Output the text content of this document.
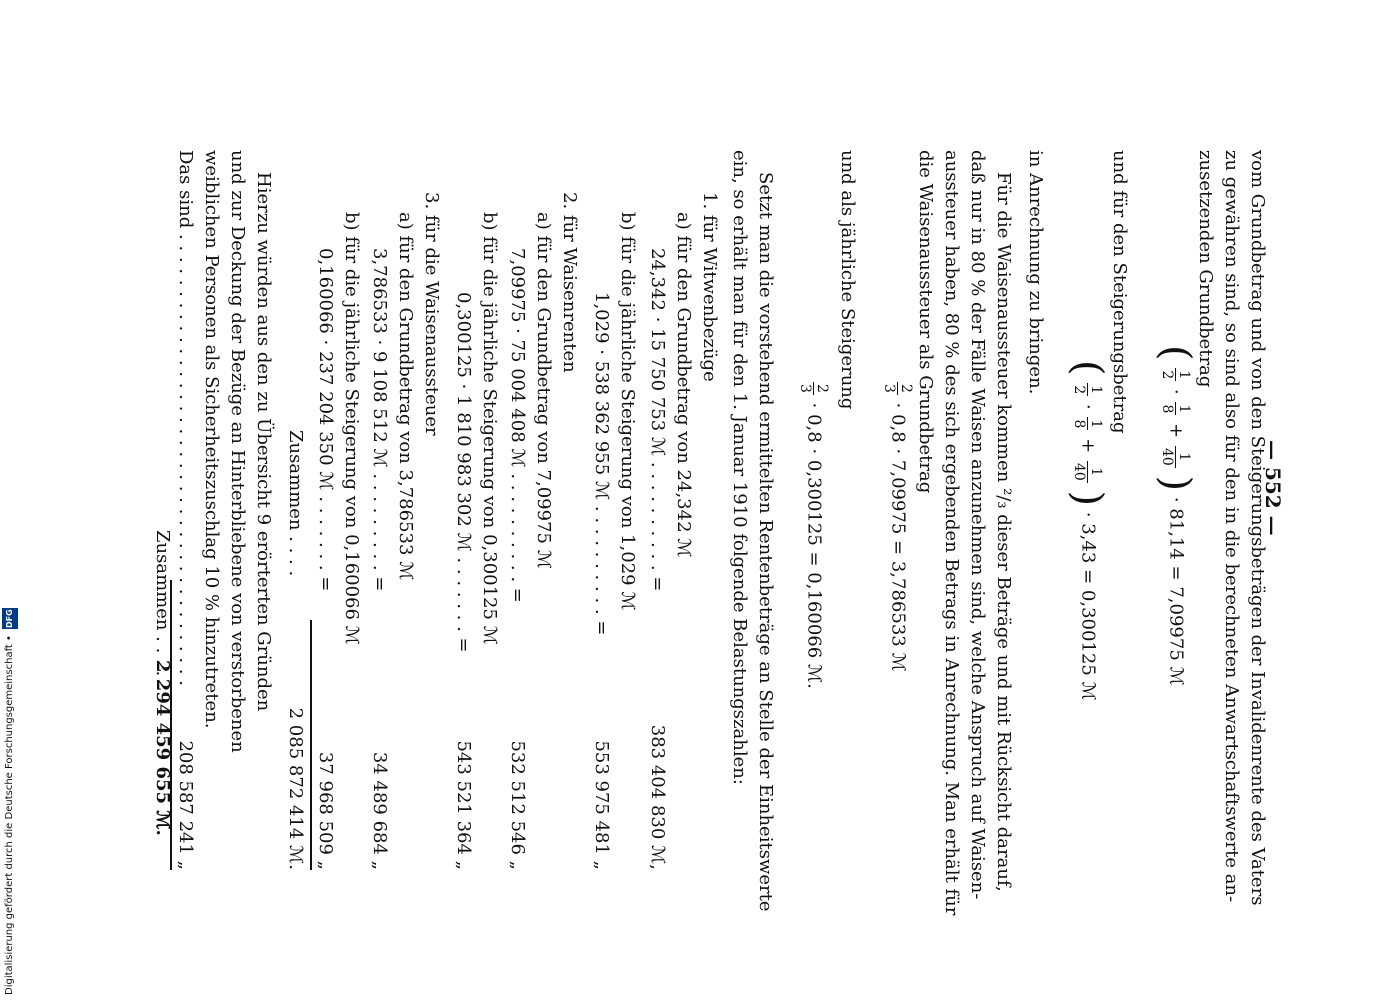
— 552 —
vom Grundbetrag und von den Steigerungsbeträgen der Invalidenrente des Vaters
zu gewähren sind, so sind also für den in die berechneten Anwartschaftswerte an-
zusetzenden Grundbetrag
(
1
2
·
1
8
+
1
40
) · 81,14 = 7,09975 ℳ
und für den Steigerungsbetrag
(
1
2
·
1
8
+
1
40
) · 3,43 = 0,300125 ℳ
in Anrechnung zu bringen.
Für die Waisenaussteuer kommen ²/₃ dieser Beträge und mit Rücksicht darauf,
daß nur in 80 % der Fälle Waisen anzunehmen sind, welche Anspruch auf Waisen-
aussteuer haben, 80 % des sich ergebenden Betrags in Anrechnung. Man erhält für
die Waisenaussteuer als Grundbetrag
2
3
· 0,8 · 7,09975 = 3,786533 ℳ
und als jährliche Steigerung
2
3
· 0,8 · 0,300125 = 0,160066 ℳ.
Setzt man die vorstehend ermittelten Rentenbeträge an Stelle der Einheitswerte
ein, so erhält man für den 1. Januar 1910 folgende Belastungszahlen:
1. für Witwenbezüge
a) für den Grundbetrag von 24,342 ℳ
24,342 · 15 750 753 ℳ . . . . . . . . . . =
383 404 830 ℳ,
b) für die jährliche Steigerung von 1,029 ℳ
1,029 · 538 362 955 ℳ . . . . . . . . . . =
553 975 481 „
2. für Waisenrenten
a) für den Grundbetrag von 7,09975 ℳ
7,09975 · 75 004 408 ℳ . . . . . . . . . . =
532 512 546 „
b) für die jährliche Steigerung von 0,300125 ℳ
0,300125 · 1 810 983 302 ℳ . . . . . . . =
543 521 364 „
3. für die Waisenaussteuer
a) für den Grundbetrag von 3,786533 ℳ
3,786533 · 9 108 512 ℳ . . . . . . . . . =
34 489 684 „
b) für die jährliche Steigerung von 0,160066 ℳ
0,160066 · 237 204 350 ℳ . . . . . . . =
37 968 509 „
Zusammen . . . .
2 085 872 414 ℳ.
Hierzu würden aus den zu Übersicht 9 erörterten Gründen
und zur Deckung der Bezüge an Hinterbliebene von verstorbenen
weiblichen Personen als Sicherheitszuschlag 10 % hinzutreten.
Das sind . . . . . . . . . . . . . . . . . . . . . . . . . . . . . . . . . . . . . . . .
208 587 241 „
Zusammen . . . .
2 294 459 655 ℳ.
Digitalisierung gefördert durch die Deutsche Forschungsgemeinschaft • DFG
